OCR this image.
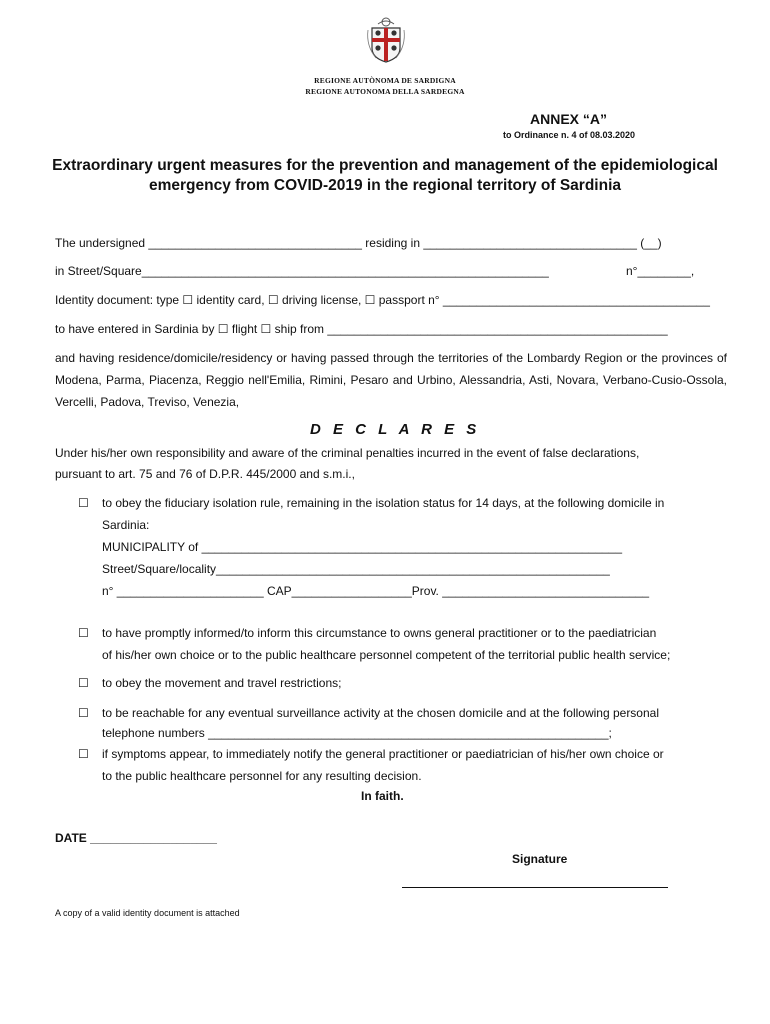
REGIONE AUTÒNOMA DE SARDIGNA
REGIONE AUTONOMA DELLA SARDEGNA
ANNEX “A”
to Ordinance n. 4 of 08.03.2020
Extraordinary urgent measures for the prevention and management of the epidemiological
emergency from COVID-2019 in the regional territory of Sardinia
The undersigned ________________________________ residing in ________________________________ (__)
in Street/Square_____________________________________________________________	n°________,
Identity document: type ☐ identity card, ☐ driving license, ☐ passport n° ________________________________________
to have entered in Sardinia by ☐ flight ☐ ship from ___________________________________________________
and having residence/domicile/residency or having passed through the territories of the Lombardy Region or the provinces of Modena, Parma, Piacenza, Reggio nell'Emilia, Rimini, Pesaro and Urbino, Alessandria, Asti, Novara, Verbano-Cusio-Ossola, Vercelli, Padova, Treviso, Venezia,
D E C L A R E S
Under his/her own responsibility and aware of the criminal penalties incurred in the event of false declarations,
pursuant to art. 75 and 76 of D.P.R. 445/2000 and s.m.i.,
☐ to obey the fiduciary isolation rule, remaining in the isolation status for 14 days, at the following domicile in
Sardinia:
MUNICIPALITY of _______________________________________________________________
Street/Square/locality___________________________________________________________
n° ______________________ CAP__________________Prov. _______________________________
☐ to have promptly informed/to inform this circumstance to owns general practitioner or to the paediatrician
of his/her own choice or to the public healthcare personnel competent of the territorial public health service;
☐ to obey the movement and travel restrictions;
☐ to be reachable for any eventual surveillance activity at the chosen domicile and at the following personal
telephone numbers ____________________________________________________________;
☐ if symptoms appear, to immediately notify the general practitioner or paediatrician of his/her own choice or
to the public healthcare personnel for any resulting decision.
In faith.
DATE ___________________
Signature
A copy of a valid identity document is attached
